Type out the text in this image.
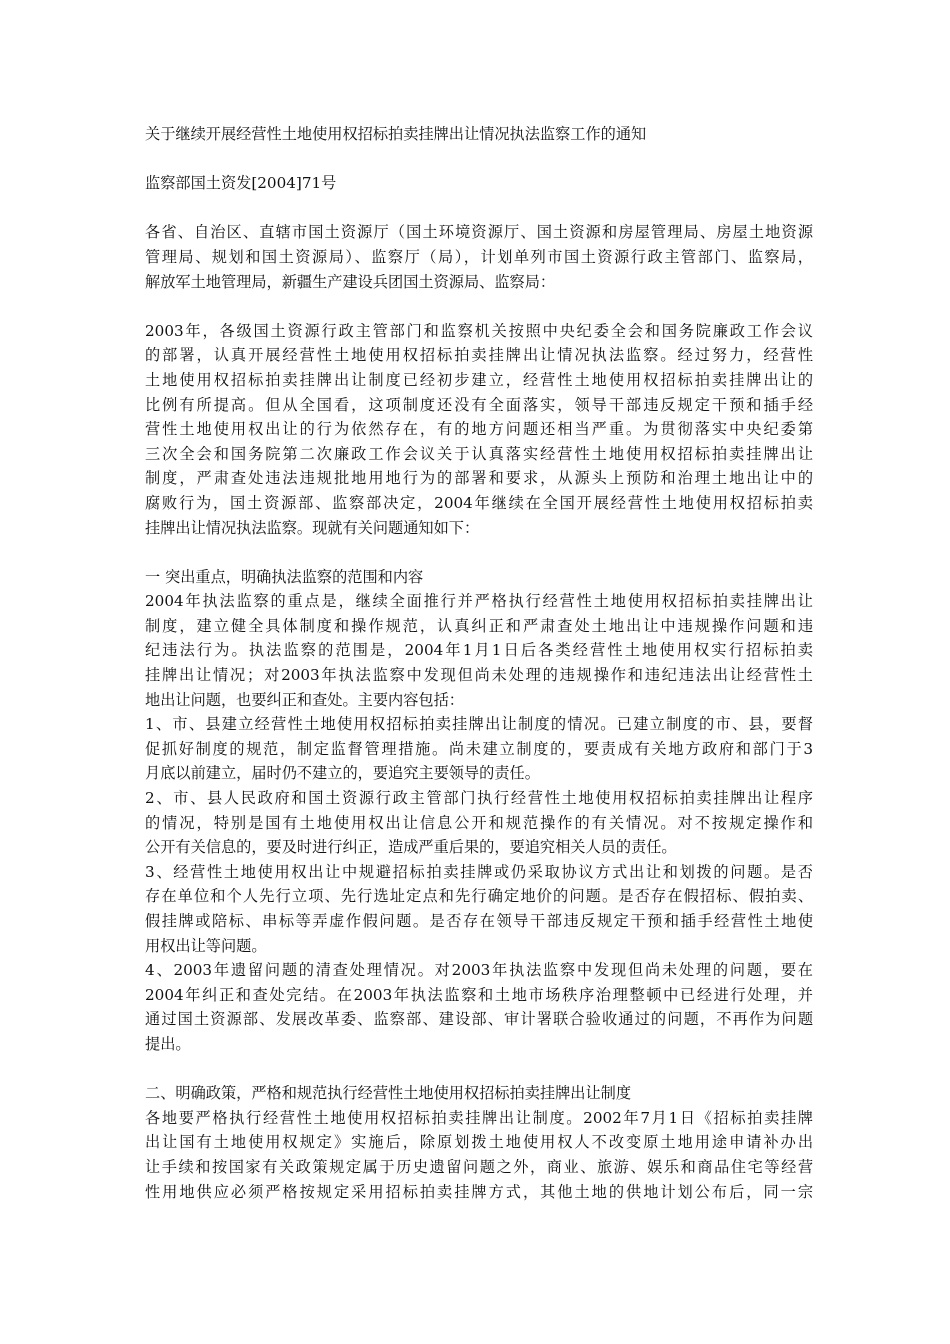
关于继续开展经营性土地使用权招标拍卖挂牌出让情况执法监察工作的通知
监察部国土资发[2004]71号
各省、自治区、直辖市国土资源厅（国土环境资源厅、国土资源和房屋管理局、房屋土地资源
管理局、规划和国土资源局）、监察厅（局），计划单列市国土资源行政主管部门、监察局，
解放军土地管理局，新疆生产建设兵团国土资源局、监察局：
2003年，各级国土资源行政主管部门和监察机关按照中央纪委全会和国务院廉政工作会议
的部署，认真开展经营性土地使用权招标拍卖挂牌出让情况执法监察。经过努力，经营性
土地使用权招标拍卖挂牌出让制度已经初步建立，经营性土地使用权招标拍卖挂牌出让的
比例有所提高。但从全国看，这项制度还没有全面落实，领导干部违反规定干预和插手经
营性土地使用权出让的行为依然存在，有的地方问题还相当严重。为贯彻落实中央纪委第
三次全会和国务院第二次廉政工作会议关于认真落实经营性土地使用权招标拍卖挂牌出让
制度，严肃查处违法违规批地用地行为的部署和要求，从源头上预防和治理土地出让中的
腐败行为，国土资源部、监察部决定，2004年继续在全国开展经营性土地使用权招标拍卖
挂牌出让情况执法监察。现就有关问题通知如下：
一 突出重点，明确执法监察的范围和内容
2004年执法监察的重点是，继续全面推行并严格执行经营性土地使用权招标拍卖挂牌出让
制度，建立健全具体制度和操作规范，认真纠正和严肃查处土地出让中违规操作问题和违
纪违法行为。执法监察的范围是，2004年1月1日后各类经营性土地使用权实行招标拍卖
挂牌出让情况；对2003年执法监察中发现但尚未处理的违规操作和违纪违法出让经营性土
地出让问题，也要纠正和查处。主要内容包括：
1、市、县建立经营性土地使用权招标拍卖挂牌出让制度的情况。已建立制度的市、县，要督
促抓好制度的规范，制定监督管理措施。尚未建立制度的，要责成有关地方政府和部门于3
月底以前建立，届时仍不建立的，要追究主要领导的责任。
2、市、县人民政府和国土资源行政主管部门执行经营性土地使用权招标拍卖挂牌出让程序
的情况，特别是国有土地使用权出让信息公开和规范操作的有关情况。对不按规定操作和
公开有关信息的，要及时进行纠正，造成严重后果的，要追究相关人员的责任。
3、经营性土地使用权出让中规避招标拍卖挂牌或仍采取协议方式出让和划拨的问题。是否
存在单位和个人先行立项、先行选址定点和先行确定地价的问题。是否存在假招标、假拍卖、
假挂牌或陪标、串标等弄虚作假问题。是否存在领导干部违反规定干预和插手经营性土地使
用权出让等问题。
4、2003年遗留问题的清查处理情况。对2003年执法监察中发现但尚未处理的问题，要在
2004年纠正和查处完结。在2003年执法监察和土地市场秩序治理整顿中已经进行处理，并
通过国土资源部、发展改革委、监察部、建设部、审计署联合验收通过的问题，不再作为问题
提出。
二、明确政策，严格和规范执行经营性土地使用权招标拍卖挂牌出让制度
各地要严格执行经营性土地使用权招标拍卖挂牌出让制度。2002年7月1日《招标拍卖挂牌
出让国有土地使用权规定》实施后，除原划拨土地使用权人不改变原土地用途申请补办出
让手续和按国家有关政策规定属于历史遗留问题之外，商业、旅游、娱乐和商品住宅等经营
性用地供应必须严格按规定采用招标拍卖挂牌方式，其他土地的供地计划公布后，同一宗
